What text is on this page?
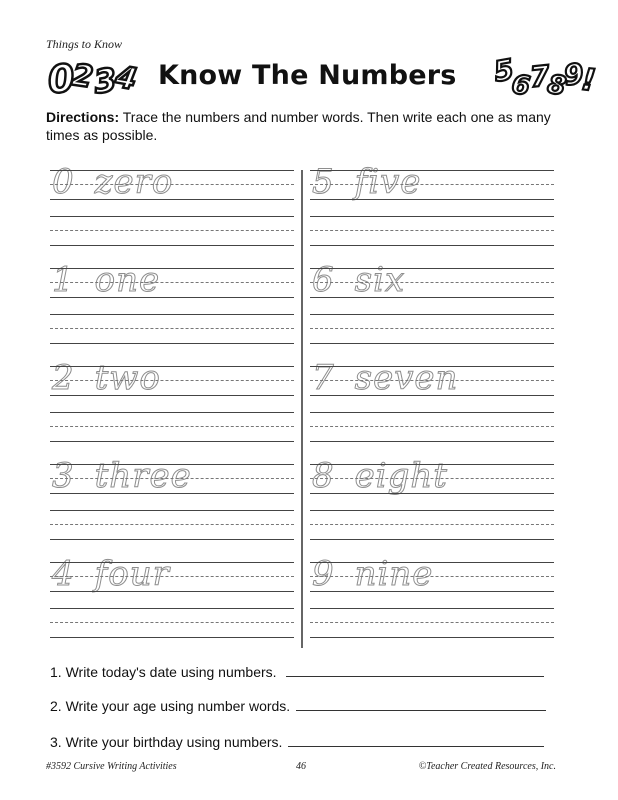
Things to Know
0
2
3
4 Know The Numbers 5
6
7
8
9
!
Directions: Trace the numbers and number words. Then write each one as many times as possible.
0 zero
1 one
2 two
3 three
4 four
5 five
6 six
7 seven
8 eight
9 nine
1. Write today's date using numbers.
2. Write your age using number words.
3. Write your birthday using numbers.
#3592 Cursive Writing Activities	46	©Teacher Created Resources, Inc.
